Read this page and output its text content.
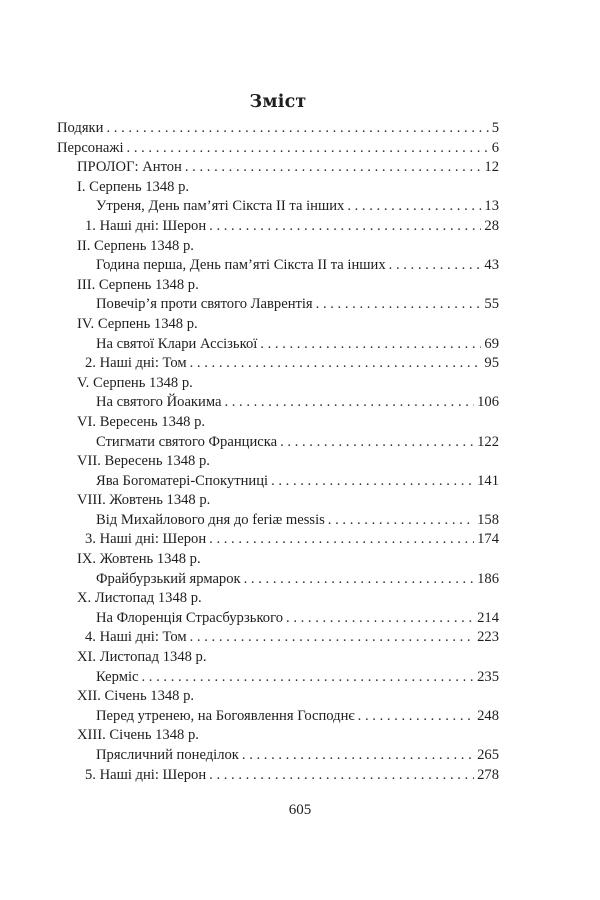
Зміст
Подяки . . .	5
Персонажі . . .	6
ПРОЛОГ: Антон . . .	12
I. Серпень 1348 р.
Утреня, День пам’яті Сікста II та інших . . .	13
1. Наші дні: Шерон . . .	28
II. Серпень 1348 р.
Година перша, День пам’яті Сікста II та інших . . .	43
III. Серпень 1348 р.
Повечір’я проти святого Лаврентія . . .	55
IV. Серпень 1348 р.
На святої Клари Ассізької . . .	69
2. Наші дні: Том . . .	95
V. Серпень 1348 р.
На святого Йоакима . . .	106
VI. Вересень 1348 р.
Стигмати святого Франциска . . .	122
VII. Вересень 1348 р.
Ява Богоматері-Спокутниці . . .	141
VIII. Жовтень 1348 р.
Від Михайлового дня до feriæ messis . . .	158
3. Наші дні: Шерон . . .	174
IX. Жовтень 1348 р.
Фрайбурзький ярмарок . . .	186
X. Листопад 1348 р.
На Флоренція Страсбурзького . . .	214
4. Наші дні: Том . . .	223
XI. Листопад 1348 р.
Керміс . . .	235
XII. Січень 1348 р.
Перед утренею, на Богоявлення Господнє . . .	248
XIII. Січень 1348 р.
Прясличний понеділок . . .	265
5. Наші дні: Шерон . . .	278
605
